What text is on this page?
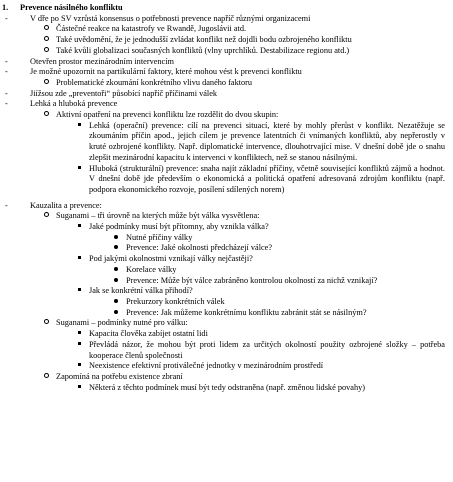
1. Prevence násilného konfliktu
-	V dře po SV vzrůstá konsensus o potřebnosti prevence napříč různými organizacemi
Částečné reakce na katastrofy ve Rwandě, Jugoslávii atd.
Také uvědomění, že je jednodušší zvládat konflikt než dojdli bodu ozbrojeného konfliktu
Také kvůli globalizaci současných konfliktů (vlny uprchlíků. Destabilizace regionu atd.)
-	Otevřen prostor mezinárodním intervencím
-	Je možné upozornit na partikulární faktory, které mohou vést k prevenci konfliktu
Problematické zkoumání konkrétního vlivu daného faktoru
-	Jiížsou zde „preventoři“ působící napříč příčinami válek
-	Lehká a hluboká prevence
Aktivní opatření na prevenci konfliktu lze rozdělit do dvou skupin:
Lehká (operační) prevence: cílí na prevenci situací, které by mohly přerůst v konflikt. Nezatěžuje se zkoumáním příčin apod., jejich cílem je prevence latentních či vnímaných konfliktů, aby nepřerostly v kruté ozbrojené konflikty. Např. diplomatické intervence, dlouhotrvající mise. V dnešní době jde o snahu zlepšit mezinárodní kapacitu k intervenci v konfliktech, než se stanou násilnými.
Hluboká (strukturální) prevence: snaha najít základní příčiny, včetně související konfliktů zájmů a hodnot. V dnešní době jde především o ekonomická a politická opatření adresovaná zdrojům konfliktu (např. podpora ekonomického rozvoje, posílení sdílených norem)
-	Kauzalita a prevence:
Suganami – tři úrovně na kterých může být válka vysvětlena:
Jaké podmínky musí být přítomny, aby vznikla válka?
Nutné příčiny války
Prevence: Jaké okolnosti předcházejí válce?
Pod jakými okolnostmi vznikají války nejčastěji?
Korelace války
Prevence: Může být válce zabráněno kontrolou okolností za nichž vznikají?
Jak se konkrétní válka přihodí?
Prekurzory konkrétních válek
Prevence: Jak můžeme konkrétnímu konfliktu zabránit stát se násilným?
Suganami – podmínky nutné pro válku:
Kapacita člověka zabíjet ostatní lidi
Převládá názor, že mohou být proti lidem za určitých okolností použity ozbrojené složky – potřeba kooperace členů společnosti
Neexistence efektivní protiválečné jednotky v mezinárodním prostředí
Zapomíná na potřebu existence zbraní
Některá z těchto podmínek musí být tedy odstraněna (např. změnou lidské povahy)
